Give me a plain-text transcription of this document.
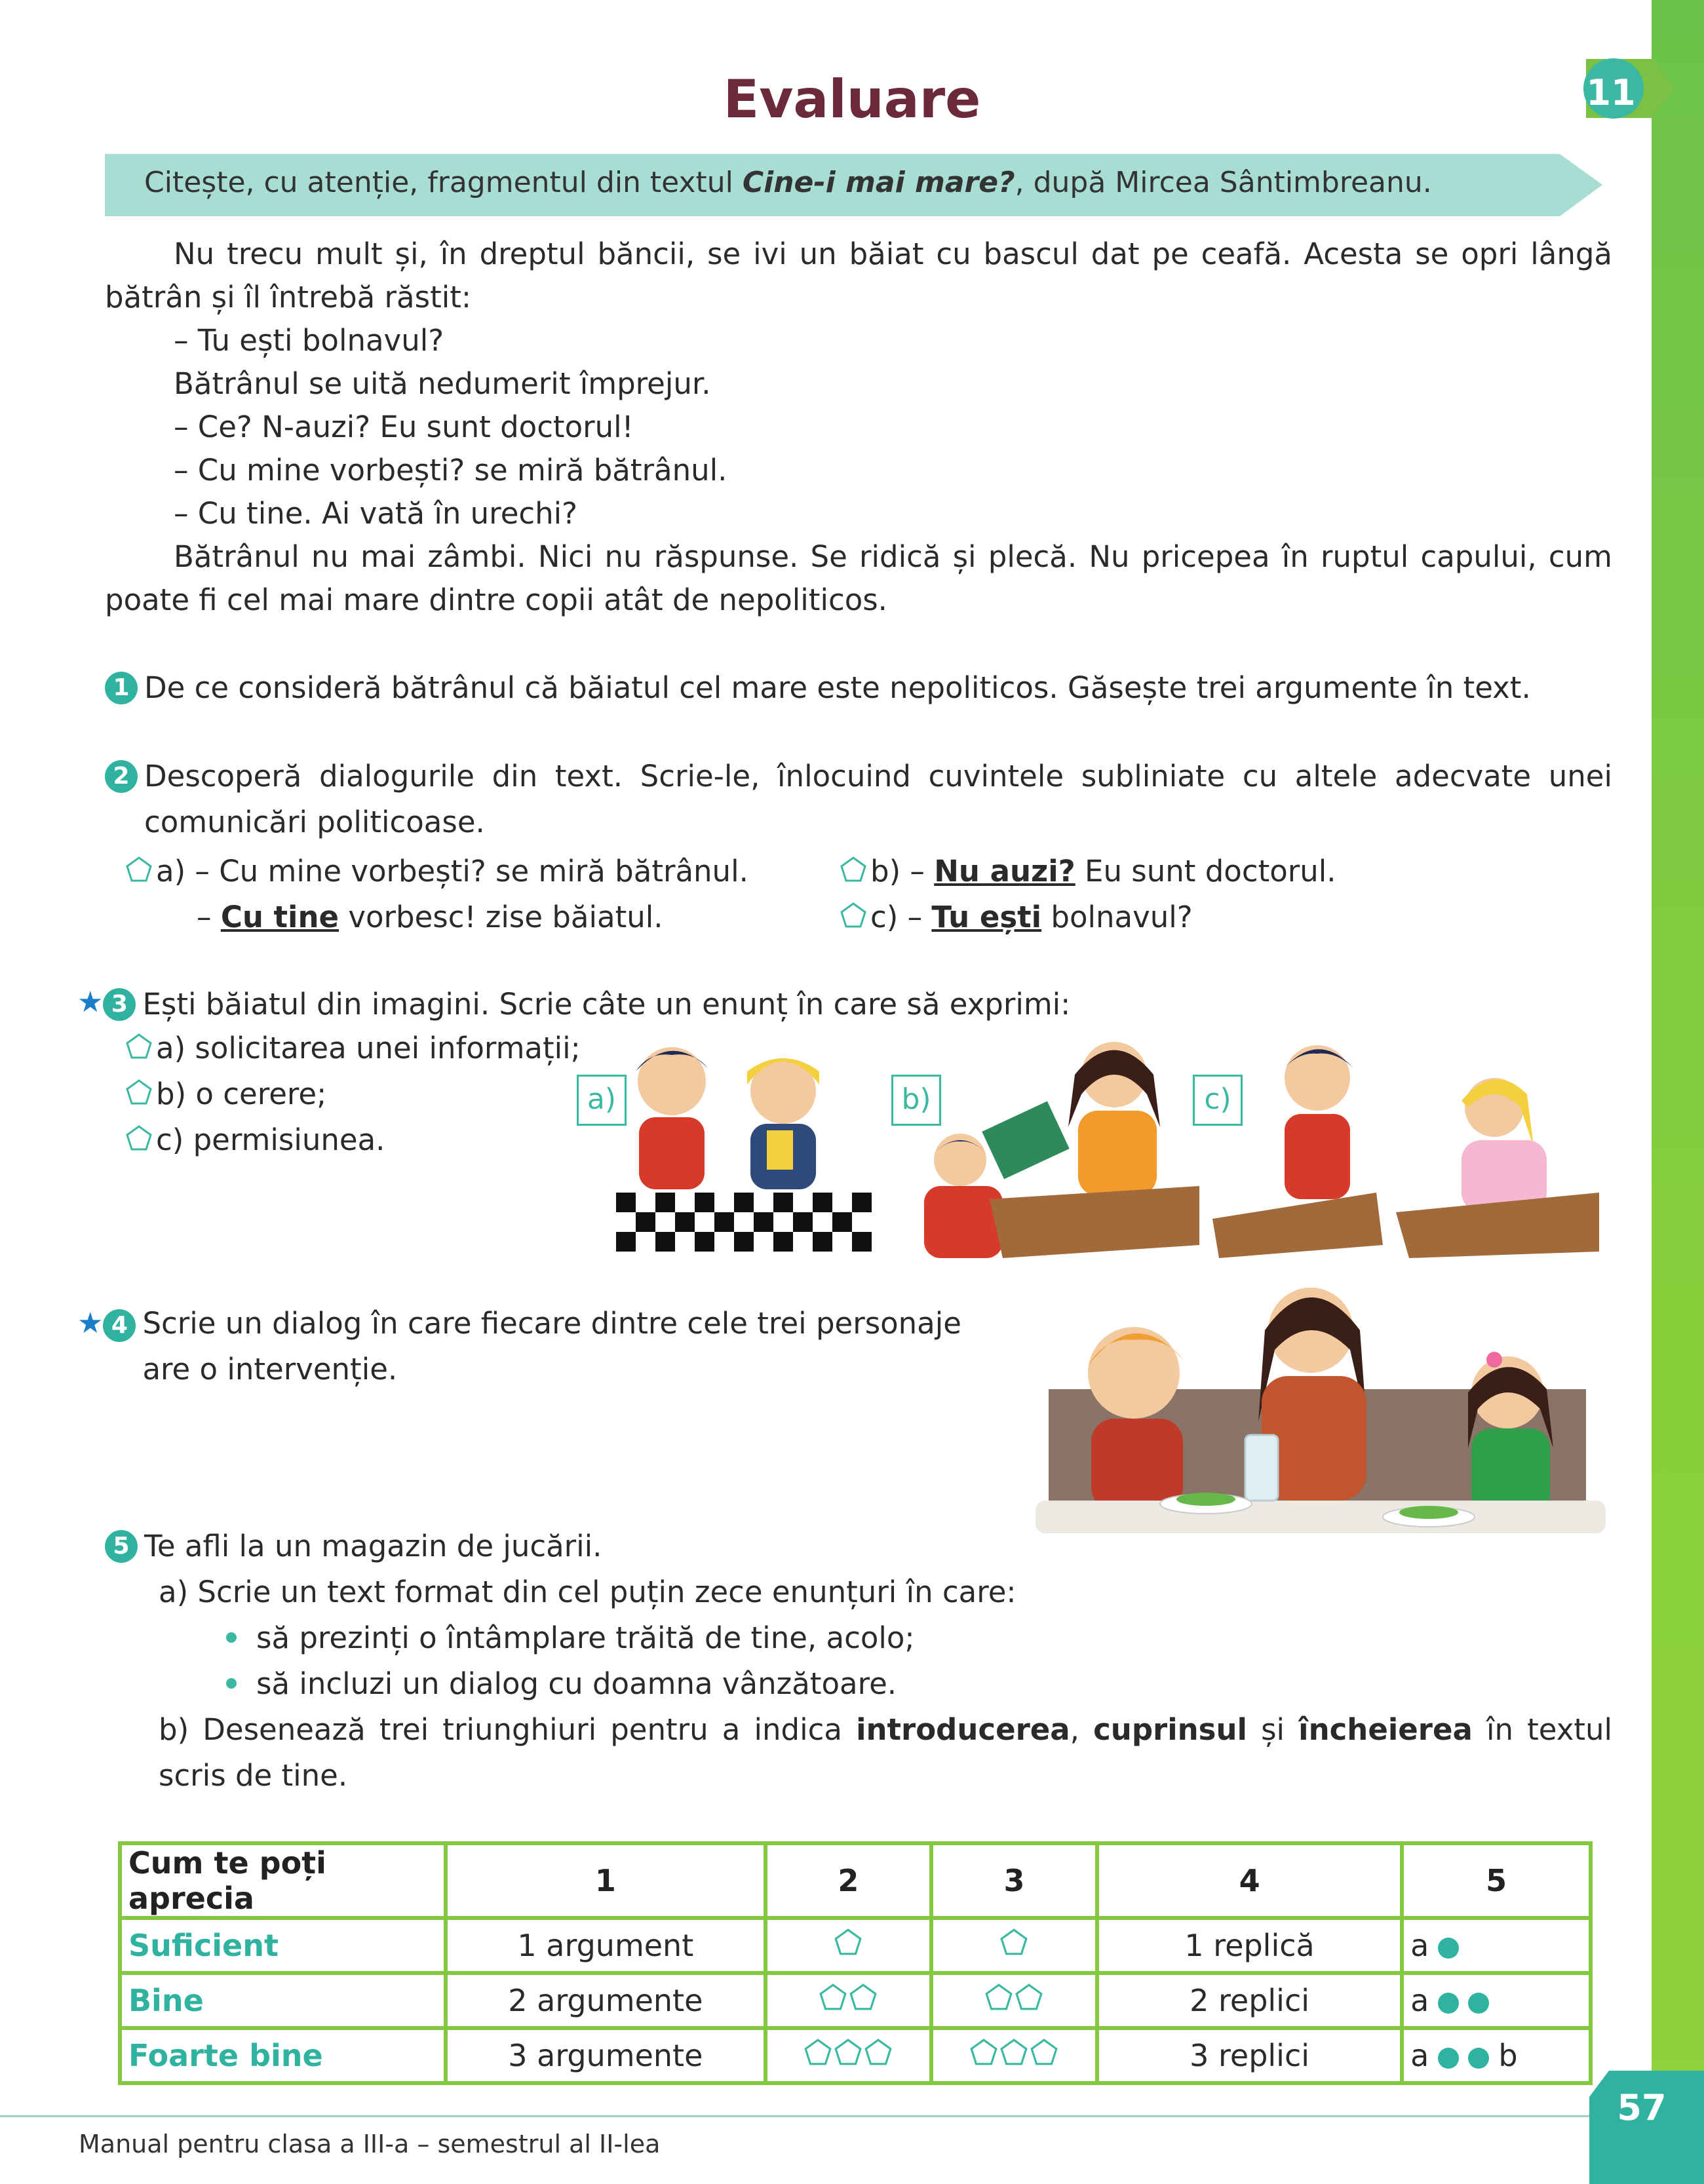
Evaluare	11
Citește, cu atenție, fragmentul din textul Cine-i mai mare?, după Mircea Sântimbreanu.

Nu trecu mult și, în dreptul băncii, se ivi un băiat cu bascul dat pe ceafă. Acesta se opri lângă bătrân și îl întrebă răstit:

– Tu ești bolnavul?

Bătrânul se uită nedumerit împrejur.

– Ce? N-auzi? Eu sunt doctorul!

– Cu mine vorbești? se miră bătrânul.

– Cu tine. Ai vată în urechi?

Bătrânul nu mai zâmbi. Nici nu răspunse. Se ridică și plecă. Nu pricepea în ruptul capului, cum poate fi cel mai mare dintre copii atât de nepoliticos.

1 De ce consideră bătrânul că băiatul cel mare este nepoliticos. Găsește trei argumente în text.
2 Descoperă dialogurile din text. Scrie-le, înlocuind cuvintele subliniate cu altele adecvate unei comunicări politicoase.
a) – Cu mine vorbești? se miră bătrânul.
– Cu tine vorbesc! zise băiatul.
b) – Nu auzi? Eu sunt doctorul.
c) – Tu ești bolnavul?
★ 3 Ești băiatul din imagini. Scrie câte un enunț în care să exprimi:
a) solicitarea unei informații;
b) o cerere;
c) permisiunea.
a)	b)	c)
★ 4 Scrie un dialog în care fiecare dintre cele trei personaje are o intervenție.
5 Te afli la un magazin de jucării.
a) Scrie un text format din cel puțin zece enunțuri în care:
să prezinți o întâmplare trăită de tine, acolo;
să incluzi un dialog cu doamna vânzătoare.
b) Desenează trei triunghiuri pentru a indica introducerea, cuprinsul și încheierea în textul scris de tine.
Cum te poți aprecia	1	2	3	4	5
Suficient	1 argument			1 replică	a
Bine	2 argumente			2 replici	a
Foarte bine	3 argumente			3 replici	a b
Manual pentru clasa a III-a – semestrul al II-lea
57
